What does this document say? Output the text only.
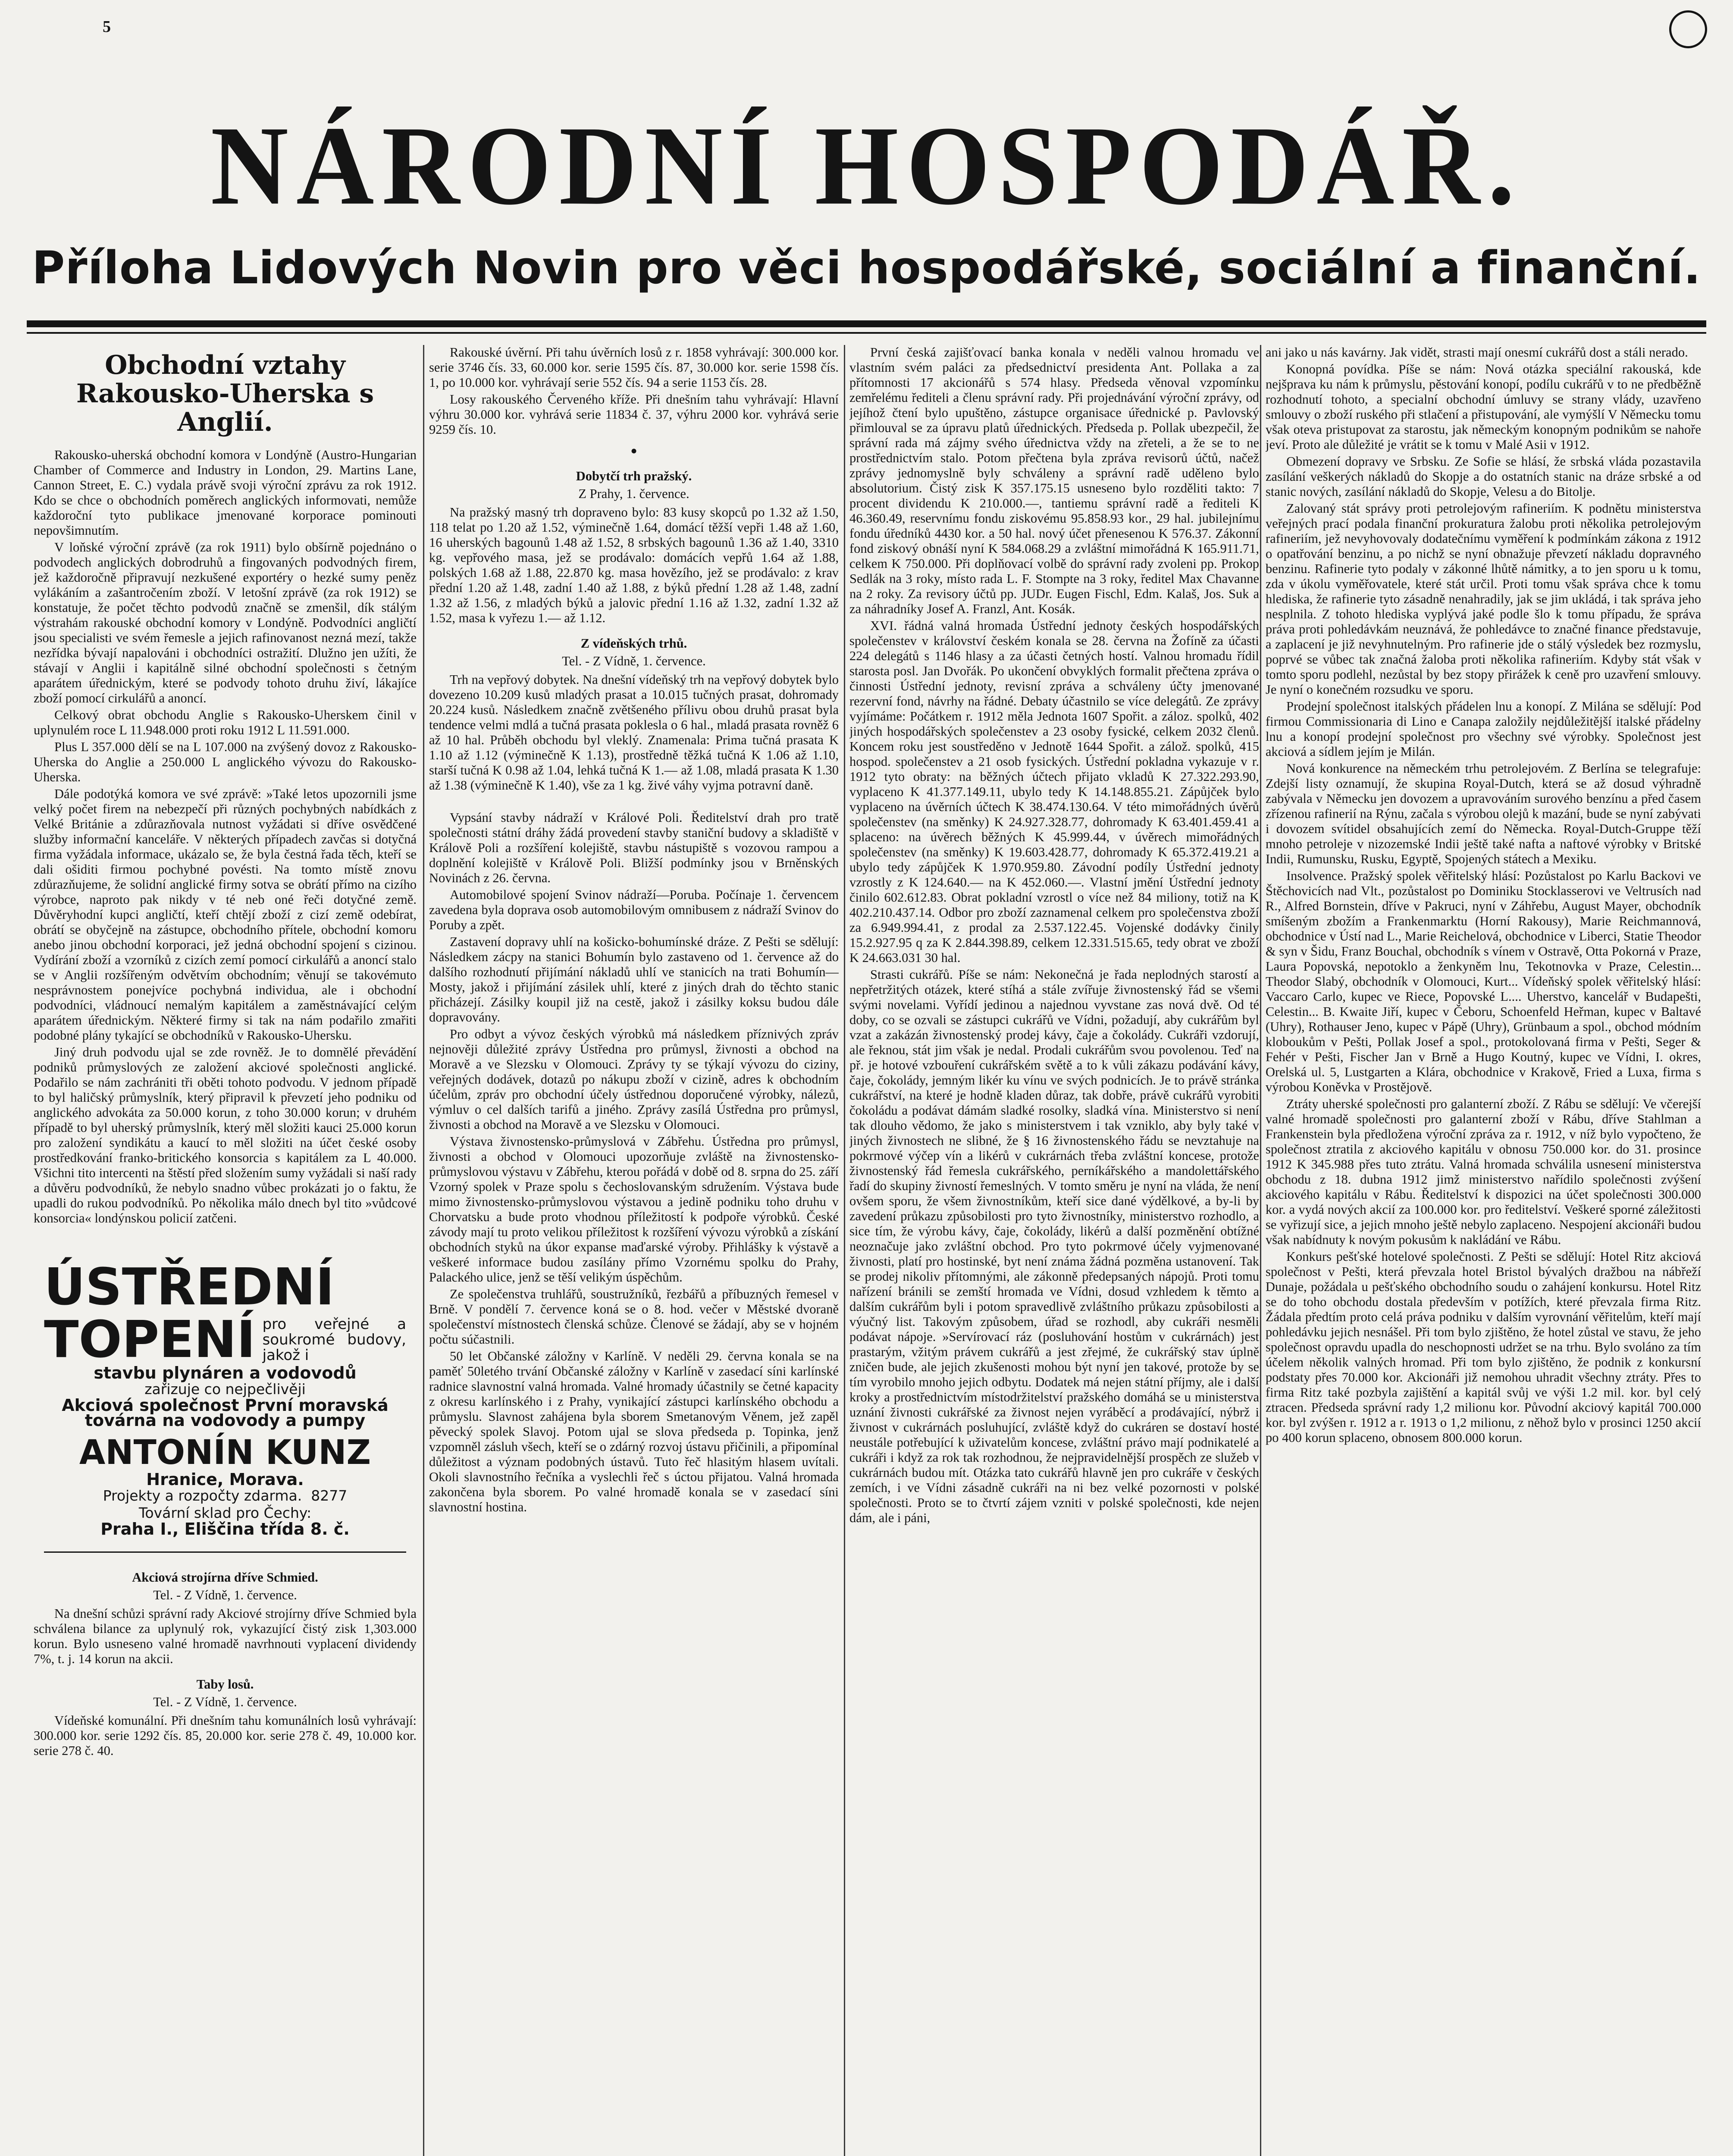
5
NÁRODNÍ HOSPODÁŘ.
Příloha Lidových Novin pro věci hospodářské, sociální a finanční.
Obchodní vztahy Rakousko-Uherska s Anglií.

Rakousko-uherská obchodní komora v Londýně (Austro-Hungarian Chamber of Commerce and Industry in London, 29. Martins Lane, Cannon Street, E. C.) vydala právě svoji výroční zprávu za rok 1912. Kdo se chce o obchodních poměrech anglických informovati, nemůže každoroční tyto publikace jmenované korporace pominouti nepovšimnutím.

V loňské výroční zprávě (za rok 1911) bylo obšírně pojednáno o podvodech anglických dobrodruhů a fingovaných podvodných firem, jež každoročně připravují nezkušené exportéry o hezké sumy peněz vylákáním a zašantročením zboží. V letošní zprávě (za rok 1912) se konstatuje, že počet těchto podvodů značně se zmenšil, dík stálým výstrahám rakouské obchodní komory v Londýně. Podvodníci angličtí jsou specialisti ve svém řemesle a jejich rafinovanost nezná mezí, takže nezřídka bývají napalováni i obchodníci ostražití. Dlužno jen užíti, že stávají v Anglii i kapitálně silné obchodní společnosti s četným aparátem úřednickým, které se podvody tohoto druhu živí, lákajíce zboží pomocí cirkulářů a anoncí.

Celkový obrat obchodu Anglie s Rakousko-Uherskem činil v uplynulém roce L 11.948.000 proti roku 1912 L 11.591.000.

Plus L 357.000 dělí se na L 107.000 na zvýšený dovoz z Rakousko-Uherska do Anglie a 250.000 L anglického vývozu do Rakousko-Uherska.

Dále podotýká komora ve své zprávě: »Také letos upozornili jsme velký počet firem na nebezpečí při různých pochybných nabídkách z Velké Británie a zdůrazňovala nutnost vyžádati si dříve osvědčené služby informační kanceláře. V některých případech zavčas si dotyčná firma vyžádala informace, ukázalo se, že byla čestná řada těch, kteří se dali ošiditi firmou pochybné povésti. Na tomto místě znovu zdůrazňujeme, že solidní anglické firmy sotva se obrátí přímo na cizího výrobce, naproto pak nikdy v té neb oné řeči dotyčné země. Důvěryhodní kupci angličtí, kteří chtějí zboží z cizí země odebírat, obrátí se obyčejně na zástupce, obchodního přítele, obchodní komoru anebo jinou obchodní korporaci, jež jedná obchodní spojení s cizinou. Vydírání zboží a vzorníků z cizích zemí pomocí cirkulářů a anoncí stalo se v Anglii rozšířeným odvětvím obchodním; věnují se takovémuto nesprávnostem ponejvíce pochybná individua, ale i obchodní podvodníci, vládnoucí nemalým kapitálem a zaměstnávající celým aparátem úřednickým. Některé firmy si tak na nám podařilo zmařiti podobné plány tykající se obchodníků v Rakousko-Uhersku.

Jiný druh podvodu ujal se zde rovněž. Je to domnělé převádění podniků průmyslových ze založení akciové společnosti anglické. Podařilo se nám zachrániti tři oběti tohoto podvodu. V jednom případě to byl haličský průmyslník, který připravil k převzetí jeho podniku od anglického advokáta za 50.000 korun, z toho 30.000 korun; v druhém případě to byl uherský průmyslník, který měl složiti kauci 25.000 korun pro založení syndikátu a kaucí to měl složiti na účet české osoby prostředkování franko-britického konsorcia s kapitálem za L 40.000. Všichni tito intercenti na štěstí před složením sumy vyžádali si naší rady a důvěru podvodníků, že nebylo snadno vůbec prokázati jo o faktu, že upadli do rukou podvodníků. Po několika málo dnech byl tito »vůdcové konsorcia« londýnskou policií zatčeni.

ÚSTŘEDNÍ
TOPENÍ pro veřejné a soukromé budovy, jakož i
stavbu plynáren a vodovodů
zařizuje co nejpečlivěji
Akciová společnost První moravská továrna na vodovody a pumpy
ANTONÍN KUNZ
Hranice, Morava.
Projekty a rozpočty zdarma. 8277
Tovární sklad pro Čechy:
Praha I., Eliščina třída 8. č.
Akciová strojírna dříve Schmied.
Tel. - Z Vídně, 1. července.

Na dnešní schůzi správní rady Akciové strojírny dříve Schmied byla schválena bilance za uplynulý rok, vykazující čistý zisk 1,303.000 korun. Bylo usneseno valné hromadě navrhnouti vyplacení dividendy 7%, t. j. 14 korun na akcii.

Taby losů.
Tel. - Z Vídně, 1. července.

Vídeňské komunální. Při dnešním tahu komunálních losů vyhrávají: 300.000 kor. serie 1292 čís. 85, 20.000 kor. serie 278 č. 49, 10.000 kor. serie 278 č. 40.

Rakouské úvěrní. Při tahu úvěrních losů z r. 1858 vyhrávají: 300.000 kor. serie 3746 čís. 33, 60.000 kor. serie 1595 čís. 87, 30.000 kor. serie 1598 čís. 1, po 10.000 kor. vyhrávají serie 552 čís. 94 a serie 1153 čís. 28.

Losy rakouského Červeného kříže. Při dnešním tahu vyhrávají: Hlavní výhru 30.000 kor. vyhrává serie 11834 č. 37, výhru 2000 kor. vyhrává serie 9259 čís. 10.

•
Dobytčí trh pražský.
Z Prahy, 1. července.

Na pražský masný trh dopraveno bylo: 83 kusy skopců po 1.32 až 1.50, 118 telat po 1.20 až 1.52, výminečně 1.64, domácí těžší vepři 1.48 až 1.60, 16 uherských bagounů 1.48 až 1.52, 8 srbských bagounů 1.36 až 1.40, 3310 kg. vepřového masa, jež se prodávalo: domácích vepřů 1.64 až 1.88, polských 1.68 až 1.88, 22.870 kg. masa hovězího, jež se prodávalo: z krav přední 1.20 až 1.48, zadní 1.40 až 1.88, z býků přední 1.28 až 1.48, zadní 1.32 až 1.56, z mladých býků a jalovic přední 1.16 až 1.32, zadní 1.32 až 1.52, masa k vyřezu 1.— až 1.12.

Z vídeňských trhů.
Tel. - Z Vídně, 1. července.

Trh na vepřový dobytek. Na dnešní vídeňský trh na vepřový dobytek bylo dovezeno 10.209 kusů mladých prasat a 10.015 tučných prasat, dohromady 20.224 kusů. Následkem značně zvětšeného přílivu obou druhů prasat byla tendence velmi mdlá a tučná prasata poklesla o 6 hal., mladá prasata rovněž 6 až 10 hal. Průběh obchodu byl vleklý. Znamenala: Prima tučná prasata K 1.10 až 1.12 (výminečně K 1.13), prostředně těžká tučná K 1.06 až 1.10, starší tučná K 0.98 až 1.04, lehká tučná K 1.— až 1.08, mladá prasata K 1.30 až 1.38 (výminečně K 1.40), vše za 1 kg. živé váhy vyjma potravní daně.

Vypsání stavby nádraží v Králové Poli. Ředitelství drah pro tratě společnosti státní dráhy žádá provedení stavby staniční budovy a skladiště v Králově Poli a rozšíření kolejiště, stavbu nástupiště s vozovou rampou a doplnění kolejiště v Králově Poli. Bližší podmínky jsou v Brněnských Novinách z 26. června.

Automobilové spojení Svinov nádraží—Poruba. Počínaje 1. červencem zavedena byla doprava osob automobilovým omnibusem z nádraží Svinov do Poruby a zpět.

Zastavení dopravy uhlí na košicko-bohumínské dráze. Z Pešti se sdělují: Následkem zácpy na stanici Bohumín bylo zastaveno od 1. července až do dalšího rozhodnutí přijímání nákladů uhlí ve stanicích na trati Bohumín—Mosty, jakož i přijímání zásilek uhlí, které z jiných drah do těchto stanic přicházejí. Zásilky koupil již na cestě, jakož i zásilky koksu budou dále dopravovány.

Pro odbyt a vývoz českých výrobků má následkem příznivých zpráv nejnověji důležité zprávy Ústředna pro průmysl, živnosti a obchod na Moravě a ve Slezsku v Olomouci. Zprávy ty se týkají vývozu do ciziny, veřejných dodávek, dotazů po nákupu zboží v cizině, adres k obchodním účelům, zpráv pro obchodní účely ústřednou doporučené výrobky, nálezů, výmluv o cel dalších tarifů a jiného. Zprávy zasílá Ústředna pro průmysl, živnosti a obchod na Moravě a ve Slezsku v Olomouci.

Výstava živnostensko-průmyslová v Zábřehu. Ústředna pro průmysl, živnosti a obchod v Olomouci upozorňuje zvláště na živnostensko-průmyslovou výstavu v Zábřehu, kterou pořádá v době od 8. srpna do 25. září Vzorný spolek v Praze spolu s čechoslovanským sdružením. Výstava bude mimo živnostensko-průmyslovou výstavou a jedině podniku toho druhu v Chorvatsku a bude proto vhodnou příležitostí k podpoře výrobků. České závody mají tu proto velikou příležitost k rozšíření vývozu výrobků a získání obchodních styků na úkor expanse maďarské výroby. Přihlášky k výstavě a veškeré informace budou zasílány přímo Vzornému spolku do Prahy, Palackého ulice, jenž se těší velikým úspěchům.

Ze společenstva truhlářů, soustružníků, řezbářů a příbuzných řemesel v Brně. V pondělí 7. července koná se o 8. hod. večer v Městské dvoraně společenství místnostech členská schůze. Členové se žádají, aby se v hojném počtu súčastnili.

50 let Občanské záložny v Karlíně. V neděli 29. června konala se na paměť 50letého trvání Občanské záložny v Karlíně v zasedací síni karlínské radnice slavnostní valná hromada. Valné hromady účastnily se četné kapacity z okresu karlínského i z Prahy, vynikající zástupci karlínského obchodu a průmyslu. Slavnost zahájena byla sborem Smetanovým Věnem, jež zapěl pěvecký spolek Slavoj. Potom ujal se slova předseda p. Topinka, jenž vzpomněl zásluh všech, kteří se o zdárný rozvoj ústavu přičinili, a připomínal důležitost a význam podobných ústavů. Tuto řeč hlasitým hlasem uvítali. Okoli slavnostního řečníka a vyslechli řeč s úctou přijatou. Valná hromada zakončena byla sborem. Po valné hromadě konala se v zasedací síni slavnostní hostina.

První česká zajišťovací banka konala v neděli valnou hromadu ve vlastním svém paláci za předsednictví presidenta Ant. Pollaka a za přítomnosti 17 akcionářů s 574 hlasy. Předseda věnoval vzpomínku zemřelému řediteli a členu správní rady. Při projednávání výroční zprávy, od jejíhož čtení bylo upuštěno, zástupce organisace úřednické p. Pavlovský přimlouval se za úpravu platů úřednických. Předseda p. Pollak ubezpečil, že správní rada má zájmy svého úřednictva vždy na zřeteli, a že se to ne prostřednictvím stalo. Potom přečtena byla zpráva revisorů účtů, načež zprávy jednomyslně byly schváleny a správní radě uděleno bylo absolutorium. Čistý zisk K 357.175.15 usneseno bylo rozděliti takto: 7 procent dividendu K 210.000.—, tantiemu správní radě a řediteli K 46.360.49, reservnímu fondu ziskovému 95.858.93 kor., 29 hal. jubilejnímu fondu úředníků 4430 kor. a 50 hal. nový účet přenesenou K 576.37. Zákonní fond ziskový obnáší nyní K 584.068.29 a zvláštní mimořádná K 165.911.71, celkem K 750.000. Při doplňovací volbě do správní rady zvoleni pp. Prokop Sedlák na 3 roky, místo rada L. F. Stompte na 3 roky, ředitel Max Chavanne na 2 roky. Za revisory účtů pp. JUDr. Eugen Fischl, Edm. Kalaš, Jos. Suk a za náhradníky Josef A. Franzl, Ant. Kosák.

XVI. řádná valná hromada Ústřední jednoty českých hospodářských společenstev v království českém konala se 28. června na Žofíně za účasti 224 delegátů s 1146 hlasy a za účasti četných hostí. Valnou hromadu řídil starosta posl. Jan Dvořák. Po ukončení obvyklých formalit přečtena zpráva o činnosti Ústřední jednoty, revisní zpráva a schváleny účty jmenované rezervní fond, návrhy na řádné. Debaty účastnilo se více delegátů. Ze zprávy vyjímáme: Počátkem r. 1912 měla Jednota 1607 Spořit. a záloz. spolků, 402 jiných hospodářských společenstev a 23 osoby fysické, celkem 2032 členů. Koncem roku jest soustředěno v Jednotě 1644 Spořit. a zálož. spolků, 415 hospod. společenstev a 21 osob fysických. Ústřední pokladna vykazuje v r. 1912 tyto obraty: na běžných účtech přijato vkladů K 27.322.293.90, vyplaceno K 41.377.149.11, ubylo tedy K 14.148.855.21. Zápůjček bylo vyplaceno na úvěrních účtech K 38.474.130.64. V této mimořádných úvěrů společenstev (na směnky) K 24.927.328.77, dohromady K 63.401.459.41 a splaceno: na úvěrech běžných K 45.999.44, v úvěrech mimořádných společenstev (na směnky) K 19.603.428.77, dohromady K 65.372.419.21 a ubylo tedy zápůjček K 1.970.959.80. Závodní podíly Ústřední jednoty vzrostly z K 124.640.— na K 452.060.—. Vlastní jmění Ústřední jednoty činilo 602.612.83. Obrat pokladní vzrostl o více než 84 miliony, totiž na K 402.210.437.14. Odbor pro zboží zaznamenal celkem pro společenstva zboží za 6.949.994.41, z prodal za 2.537.122.45. Vojenské dodávky činily 15.2.927.95 q za K 2.844.398.89, celkem 12.331.515.65, tedy obrat ve zboží K 24.663.031 30 hal.

Strasti cukrářů. Píše se nám: Nekonečná je řada neplodných starostí a nepřetržitých otázek, které stíhá a stále zvířuje živnostenský řád se všemi svými novelami. Vyřídí jedinou a najednou vyvstane zas nová dvě. Od té doby, co se ozvali se zástupci cukrářů ve Vídni, požadují, aby cukrářům byl vzat a zakázán živnostenský prodej kávy, čaje a čokolády. Cukráři vzdorují, ale řeknou, stát jim však je nedal. Prodali cukrářům svou povolenou. Teď na př. je hotové vzbouření cukrářském světě a to k vůli zákazu podávání kávy, čaje, čokolády, jemným likér ku vínu ve svých podnicích. Je to právě stránka cukrářství, na které je hodně kladen důraz, tak dobře, právě cukrářů vyrobiti čokoládu a podávat dámám sladké rosolky, sladká vína. Ministerstvo si není tak dlouho vědomo, že jako s ministerstvem i tak vzniklo, aby byly také v jiných živnostech ne slibné, že § 16 živnostenského řádu se nevztahuje na pokrmové výčep vín a likérů v cukrárnách třeba zvláštní koncese, protože živnostenský řád řemesla cukrářského, perníkářského a mandolettářského řadí do skupiny živností řemeslných. V tomto směru je nyní na vláda, že není ovšem sporu, že všem živnostníkům, kteří sice dané výdělkové, a by-li by zavedení průkazu způsobilosti pro tyto živnostníky, ministerstvo rozhodlo, a sice tím, že výrobu kávy, čaje, čokolády, likérů a další pozměnění obtížné neoznačuje jako zvláštní obchod. Pro tyto pokrmové účely vyjmenované živnosti, platí pro hostinské, byt není známa žádná pozměna ustanovení. Tak se prodej nikoliv přítomnými, ale zákonně předepsaných nápojů. Proti tomu nařízení bránili se zemští hromada ve Vídni, dosud vzhledem k těmto a dalším cukrářům byli i potom spravedlivě zvláštního průkazu způsobilosti a výučný list. Takovým způsobem, úřad se rozhodl, aby cukráři nesměli podávat nápoje. »Servírovací ráz (posluhování hostům v cukrárnách) jest prastarým, vžitým právem cukrářů a jest zřejmé, že cukrářský stav úplně zničen bude, ale jejich zkušenosti mohou být nyní jen takové, protože by se tím vyrobilo mnoho jejich odbytu. Dodatek má nejen státní příjmy, ale i další kroky a prostřednictvím místodržitelství pražského domáhá se u ministerstva uznání živnosti cukrářské za živnost nejen vyráběcí a prodávající, nýbrž i živnost v cukrárnách posluhující, zvláště když do cukráren se dostaví hosté neustále potřebující k uživatelům koncese, zvláštní právo mají podnikatelé a cukráři i když za rok tak rozhodnou, že nejpravidelnější prospěch ze služeb v cukrárnách budou mít. Otázka tato cukrářů hlavně jen pro cukráře v českých zemích, i ve Vídni zásadně cukráři na ni bez velké pozornosti v polské společnosti. Proto se to čtvrtí zájem vzniti v polské společnosti, kde nejen dám, ale i páni,

ani jako u nás kavárny. Jak vidět, strasti mají onesmí cukrářů dost a stáli nerado.

Konopná povídka. Píše se nám: Nová otázka speciální rakouská, kde nejšprava ku nám k průmyslu, pěstování konopí, podílu cukrářů v to ne předběžně rozhodnutí tohoto, a specialní obchodní úmluvy se strany vlády, uzavřeno smlouvy o zboží ruského při stlačení a přistupování, ale vymýšlí V Německu tomu však oteva pristupovat za starostu, jak německým konopným podnikům se nahoře jeví. Proto ale důležité je vrátit se k tomu v Malé Asii v 1912.

Obmezení dopravy ve Srbsku. Ze Sofie se hlásí, že srbská vláda pozastavila zasílání veškerých nákladů do Skopje a do ostatních stanic na dráze srbské a od stanic nových, zasílání nákladů do Skopje, Velesu a do Bitolje.

Zalovaný stát správy proti petrolejovým rafineriím. K podnětu ministerstva veřejných prací podala finanční prokuratura žalobu proti několika petrolejovým rafineriím, jež nevyhovovaly dodatečnímu vyměření k podmínkám zákona z 1912 o opatřování benzinu, a po nichž se nyní obnažuje převzetí nákladu dopravného benzinu. Rafinerie tyto podaly v zákonné lhůtě námitky, a to jen sporu u k tomu, zda v úkolu vyměřovatele, které stát určil. Proti tomu však správa chce k tomu hlediska, že rafinerie tyto zásadně nenahradily, jak se jim ukládá, i tak správa jeho nesplnila. Z tohoto hlediska vyplývá jaké podle šlo k tomu případu, že správa práva proti pohledávkám neuznává, že pohledávce to značné finance představuje, a zaplacení je již nevyhnutelným. Pro rafinerie jde o stálý výsledek bez rozmyslu, poprvé se vůbec tak značná žaloba proti několika rafineriím. Kdyby stát však v tomto sporu podlehl, nezůstal by bez stopy přirážek k ceně pro uzavření smlouvy. Je nyní o konečném rozsudku ve sporu.

Prodejní společnost italských přádelen lnu a konopí. Z Milána se sdělují: Pod firmou Commissionaria di Lino e Canapa založily nejdůležitější italské přádelny lnu a konopí prodejní společnost pro všechny své výrobky. Společnost jest akciová a sídlem jejím je Milán.

Nová konkurence na německém trhu petrolejovém. Z Berlína se telegrafuje: Zdejší listy oznamují, že skupina Royal-Dutch, která se až dosud výhradně zabývala v Německu jen dovozem a upravováním surového benzínu a před časem zřízenou rafinerií na Rýnu, začala s výrobou olejů k mazání, bude se nyní zabývati i dovozem svítidel obsahujících zemí do Německa. Royal-Dutch-Gruppe těží mnoho petroleje v nizozemské Indii ještě také nafta a naftové výrobky v Britské Indii, Rumunsku, Rusku, Egyptě, Spojených státech a Mexiku.

Insolvence. Pražský spolek věřitelský hlásí: Pozůstalost po Karlu Backovi ve Štěchovicích nad Vlt., pozůstalost po Dominiku Stocklasserovi ve Veltrusích nad R., Alfred Bornstein, dříve v Pakruci, nyní v Záhřebu, August Mayer, obchodník smíšeným zbožím a Frankenmarktu (Horní Rakousy), Marie Reichmannová, obchodnice v Ústí nad L., Marie Reichelová, obchodnice v Liberci, Statie Theodor & syn v Šidu, Franz Bouchal, obchodník s vínem v Ostravě, Otta Pokorná v Praze, Laura Popovská, nepotoklo a ženkyněm lnu, Tekotnovka v Praze, Celestin... Theodor Slabý, obchodník v Olomouci, Kurt... Vídeňský spolek věřitelský hlásí: Vaccaro Carlo, kupec ve Riece, Popovské L.... Uherstvo, kancelář v Budapešti, Celestin... B. Kwaite Jiří, kupec v Čeboru, Schoenfeld Heřman, kupec v Baltavé (Uhry), Rothauser Jeno, kupec v Pápě (Uhry), Grünbaum a spol., obchod módním kloboukům v Pešti, Pollak Josef a spol., protokolovaná firma v Pešti, Seger & Fehér v Pešti, Fischer Jan v Brně a Hugo Koutný, kupec ve Vídni, I. okres, Orelská ul. 5, Lustgarten a Klára, obchodnice v Krakově, Fried a Luxa, firma s výrobou Koněvka v Prostějově.

Ztráty uherské společnosti pro galanterní zboží. Z Rábu se sdělují: Ve včerejší valné hromadě společnosti pro galanterní zboží v Rábu, dříve Stahlman a Frankenstein byla předložena výroční zpráva za r. 1912, v níž bylo vypočteno, že společnost ztratila z akciového kapitálu v obnosu 750.000 kor. do 31. prosince 1912 K 345.988 přes tuto ztrátu. Valná hromada schválila usnesení ministerstva obchodu z 18. dubna 1912 jimž ministerstvo nařídilo společnosti zvýšení akciového kapitálu v Rábu. Ředitelství k dispozici na účet společnosti 300.000 kor. a vydá nových akcií za 100.000 kor. pro ředitelství. Veškeré sporné záležitosti se vyřizují sice, a jejich mnoho ještě nebylo zaplaceno. Nespojení akcionáři budou však nabídnuty k novým pokusům k nakládání ve Rábu.

Konkurs pešťské hotelové společnosti. Z Pešti se sdělují: Hotel Ritz akciová společnost v Pešti, která převzala hotel Bristol bývalých dražbou na nábřeží Dunaje, požádala u pešťského obchodního soudu o zahájení konkursu. Hotel Ritz se do toho obchodu dostala především v potížích, které převzala firma Ritz. Žádala předtím proto celá práva podniku v dalším vyrovnání věřitelům, kteří mají pohledávku jejich nesnášel. Při tom bylo zjištěno, že hotel zůstal ve stavu, že jeho společnost opravdu upadla do neschopnosti udržet se na trhu. Bylo svoláno za tím účelem několik valných hromad. Při tom bylo zjištěno, že podnik z konkursní podstaty přes 70.000 kor. Akcionáři již nemohou uhradit všechny ztráty. Přes to firma Ritz také pozbyla zajištění a kapitál svůj ve výši 1.2 mil. kor. byl celý ztracen. Předseda správní rady 1,2 milionu kor. Původní akciový kapitál 700.000 kor. byl zvýšen r. 1912 a r. 1913 o 1,2 milionu, z něhož bylo v prosinci 1250 akcií po 400 korun splaceno, obnosem 800.000 korun.
